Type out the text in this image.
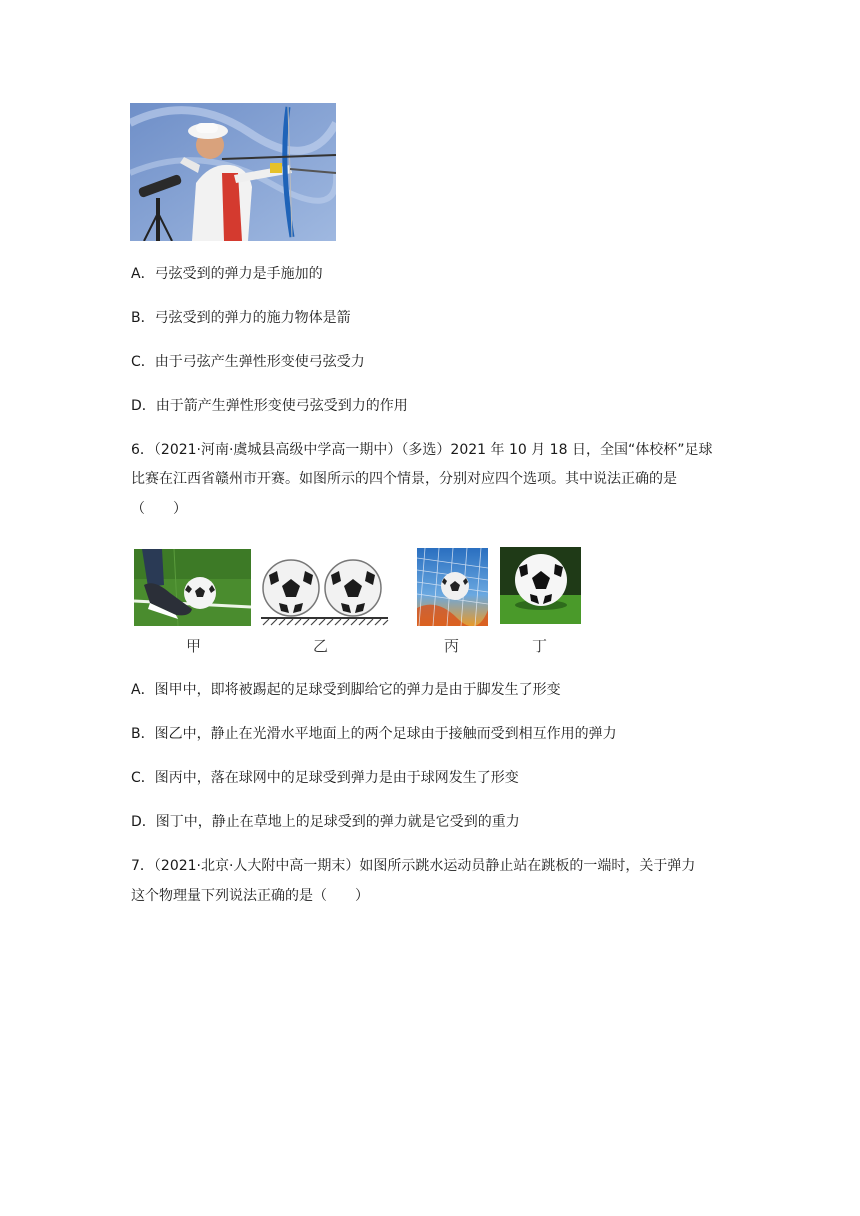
A．弓弦受到的弹力是手施加的
B．弓弦受到的弹力的施力物体是箭
C．由于弓弦产生弹性形变使弓弦受力
D．由于箭产生弹性形变使弓弦受到力的作用
6．（2021·河南·虞城县高级中学高一期中）（多选）2021 年 10 月 18 日，全国“体校杯”足球
比赛在江西省赣州市开赛。如图所示的四个情景，分别对应四个选项。其中说法正确的是
（　　）
甲	乙	丙	丁
A．图甲中，即将被踢起的足球受到脚给它的弹力是由于脚发生了形变
B．图乙中，静止在光滑水平地面上的两个足球由于接触而受到相互作用的弹力
C．图丙中，落在球网中的足球受到弹力是由于球网发生了形变
D．图丁中，静止在草地上的足球受到的弹力就是它受到的重力
7．（2021·北京·人大附中高一期末）如图所示跳水运动员静止站在跳板的一端时，关于弹力
这个物理量下列说法正确的是（　　）
